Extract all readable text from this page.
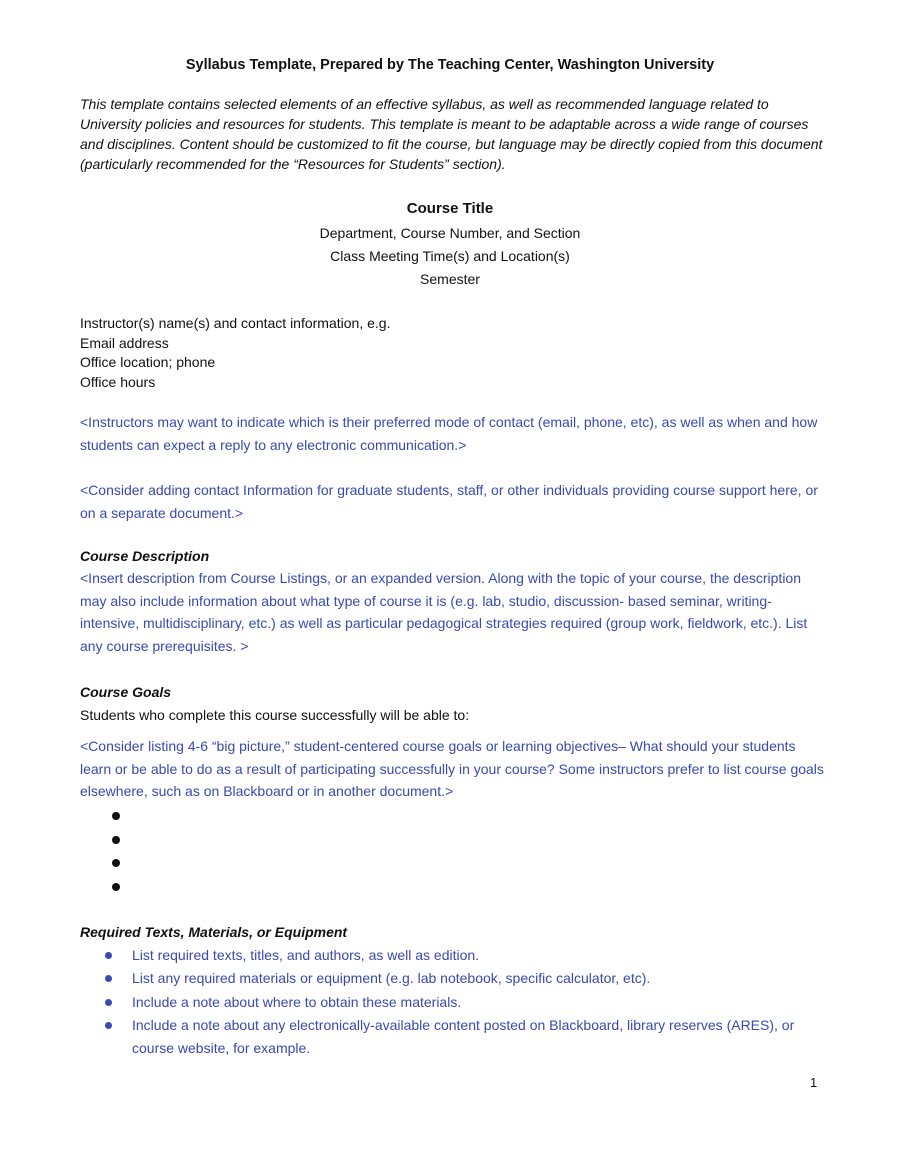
Syllabus Template, Prepared by The Teaching Center, Washington University

This template contains selected elements of an effective syllabus, as well as recommended language related to University policies and resources for students. This template is meant to be adaptable across a wide range of courses and disciplines. Content should be customized to fit the course, but language may be directly copied from this document (particularly recommended for the “Resources for Students” section).

Course Title

Department, Course Number, and Section

Class Meeting Time(s) and Location(s)

Semester

Instructor(s) name(s) and contact information, e.g.
Email address
Office location; phone
Office hours

<Instructors may want to indicate which is their preferred mode of contact (email, phone, etc), as well as when and how students can expect a reply to any electronic communication.>

<Consider adding contact Information for graduate students, staff, or other individuals providing course support here, or on a separate document.>

Course Description

<Insert description from Course Listings, or an expanded version. Along with the topic of your course, the description may also include information about what type of course it is (e.g. lab, studio, discussion- based seminar, writing-intensive, multidisciplinary, etc.) as well as particular pedagogical strategies required (group work, fieldwork, etc.). List any course prerequisites. >

Course Goals

Students who complete this course successfully will be able to:

<Consider listing 4-6 “big picture,” student-centered course goals or learning objectives– What should your students learn or be able to do as a result of participating successfully in your course? Some instructors prefer to list course goals elsewhere, such as on Blackboard or in another document.>

Required Texts, Materials, or Equipment

List required texts, titles, and authors, as well as edition.
List any required materials or equipment (e.g. lab notebook, specific calculator, etc).
Include a note about where to obtain these materials.
Include a note about any electronically-available content posted on Blackboard, library reserves (ARES), or course website, for example.

1
